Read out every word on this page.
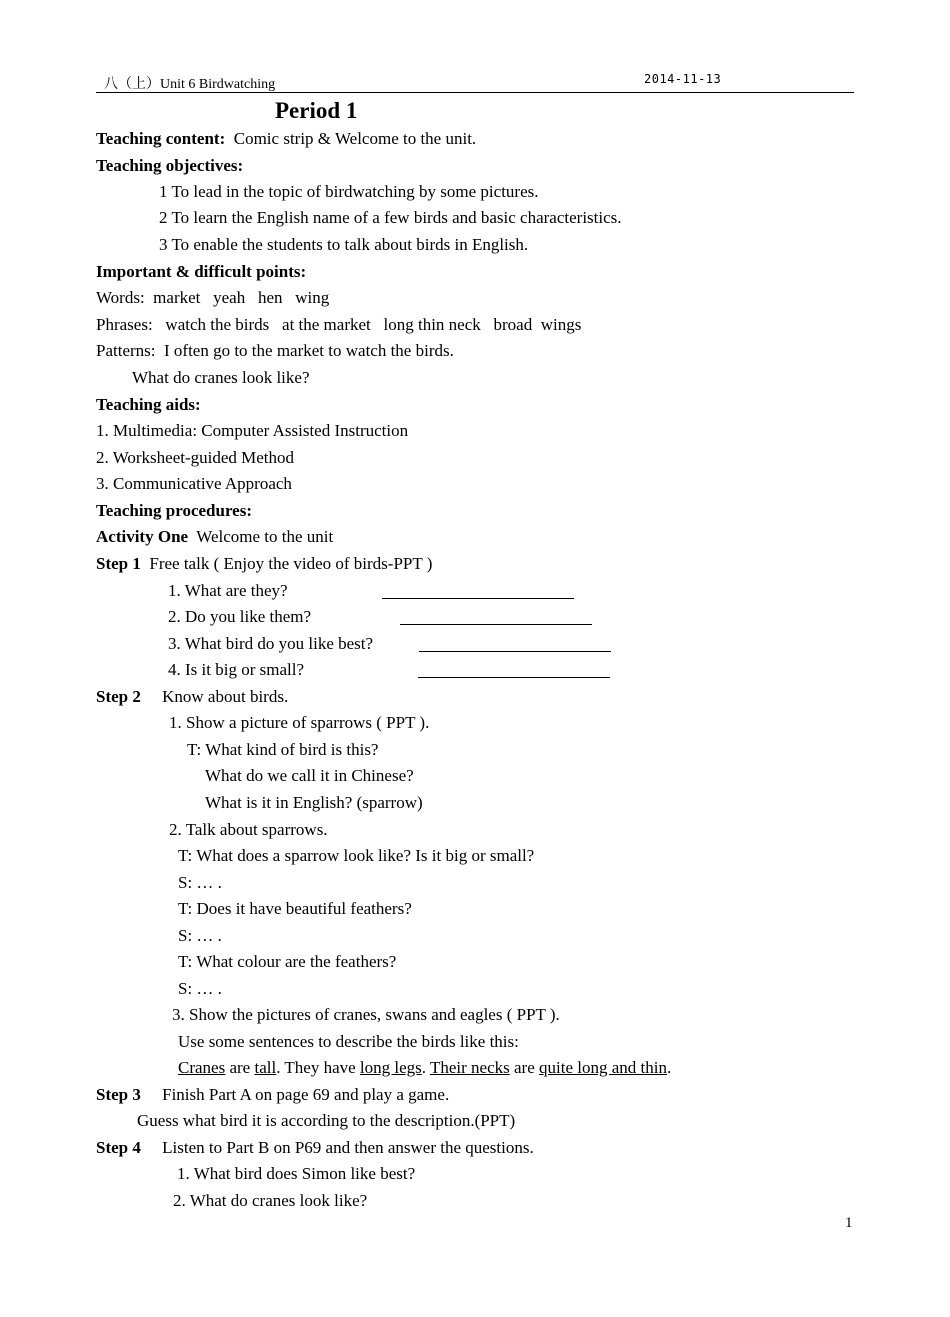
八（上）Unit 6 Birdwatching	2014-11-13
Period 1
Teaching content: Comic strip & Welcome to the unit.
Teaching objectives:
1 To lead in the topic of birdwatching by some pictures.
2 To learn the English name of a few birds and basic characteristics.
3 To enable the students to talk about birds in English.
Important & difficult points:
Words:  market   yeah   hen   wing
Phrases:   watch the birds   at the market   long thin neck   broad  wings
Patterns:  I often go to the market to watch the birds.
What do cranes look like?
Teaching aids:
1. Multimedia: Computer Assisted Instruction
2. Worksheet-guided Method
3. Communicative Approach
Teaching procedures:
Activity One Welcome to the unit
Step 1 Free talk ( Enjoy the video of birds-PPT )
1. What are they?
2. Do you like them?
3. What bird do you like best?
4. Is it big or small?
Step 2 Know about birds.
1. Show a picture of sparrows ( PPT ).
T: What kind of bird is this?
What do we call it in Chinese?
What is it in English? (sparrow)
2. Talk about sparrows.
T: What does a sparrow look like? Is it big or small?
S: … .
T: Does it have beautiful feathers?
S: … .
T: What colour are the feathers?
S: … .
3. Show the pictures of cranes, swans and eagles ( PPT ).
Use some sentences to describe the birds like this:
Cranes are tall. They have long legs. Their necks are quite long and thin.
Step 3 Finish Part A on page 69 and play a game.
Guess what bird it is according to the description.(PPT)
Step 4 Listen to Part B on P69 and then answer the questions.
1. What bird does Simon like best?
2. What do cranes look like?
1
